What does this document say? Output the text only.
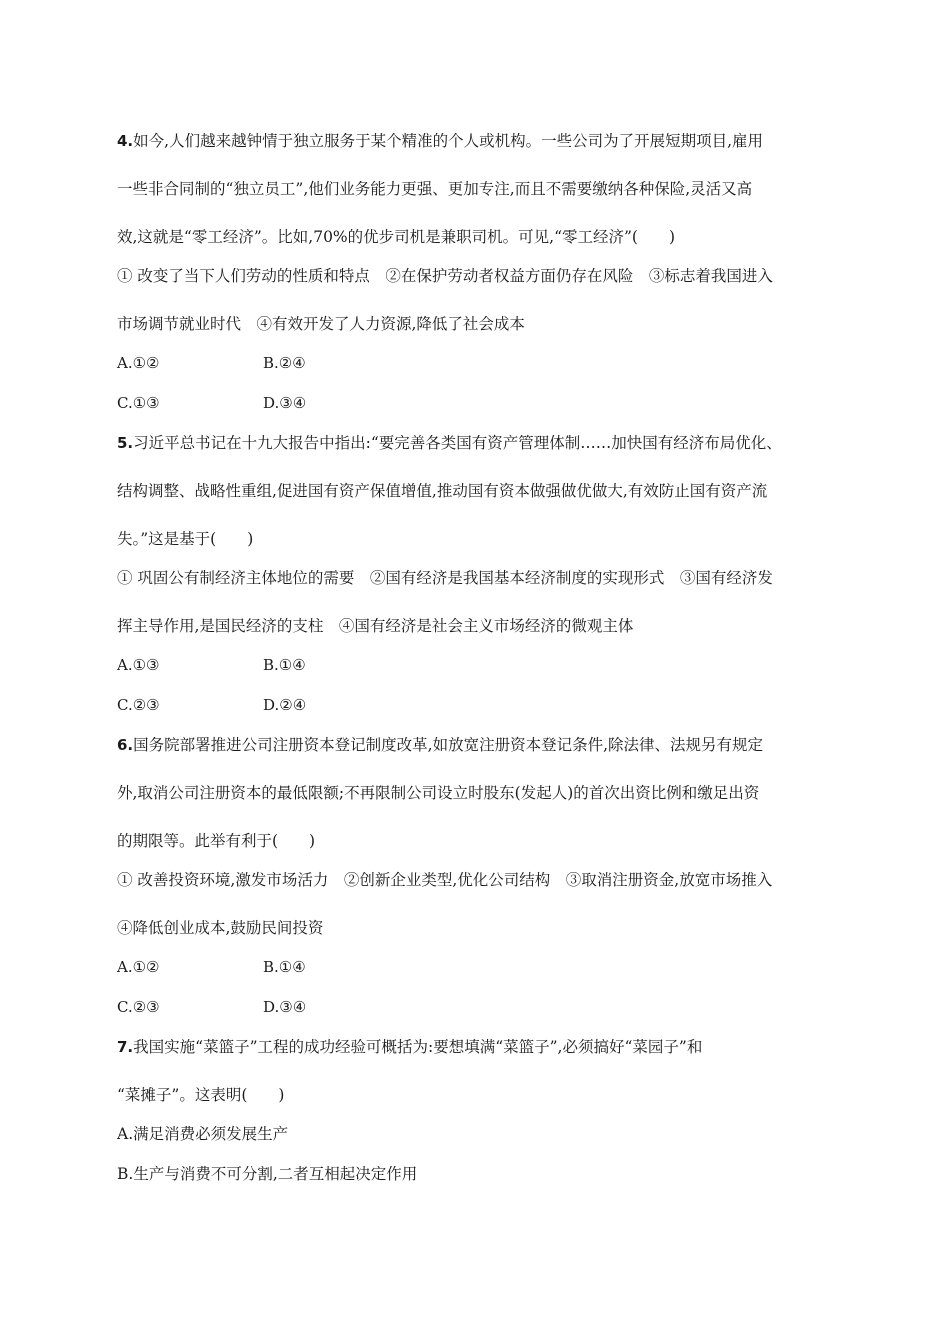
4.如今,人们越来越钟情于独立服务于某个精准的个人或机构。一些公司为了开展短期项目,雇用
一些非合同制的“独立员工”,他们业务能力更强、更加专注,而且不需要缴纳各种保险,灵活又高
效,这就是“零工经济”。比如,70%的优步司机是兼职司机。可见,“零工经济”(　　)
① 改变了当下人们劳动的性质和特点　②在保护劳动者权益方面仍存在风险　③标志着我国进入
市场调节就业时代　④有效开发了人力资源,降低了社会成本
A.①②	B.②④
C.①③	D.③④
5.习近平总书记在十九大报告中指出:“要完善各类国有资产管理体制……加快国有经济布局优化、
结构调整、战略性重组,促进国有资产保值增值,推动国有资本做强做优做大,有效防止国有资产流
失。”这是基于(　　)
① 巩固公有制经济主体地位的需要　②国有经济是我国基本经济制度的实现形式　③国有经济发
挥主导作用,是国民经济的支柱　④国有经济是社会主义市场经济的微观主体
A.①③	B.①④
C.②③	D.②④
6.国务院部署推进公司注册资本登记制度改革,如放宽注册资本登记条件,除法律、法规另有规定
外,取消公司注册资本的最低限额;不再限制公司设立时股东(发起人)的首次出资比例和缴足出资
的期限等。此举有利于(　　)
① 改善投资环境,激发市场活力　②创新企业类型,优化公司结构　③取消注册资金,放宽市场推入
④降低创业成本,鼓励民间投资
A.①②	B.①④
C.②③	D.③④
7.我国实施“菜篮子”工程的成功经验可概括为:要想填满“菜篮子”,必须搞好“菜园子”和
“菜摊子”。这表明(　　)
A.满足消费必须发展生产
B.生产与消费不可分割,二者互相起决定作用
